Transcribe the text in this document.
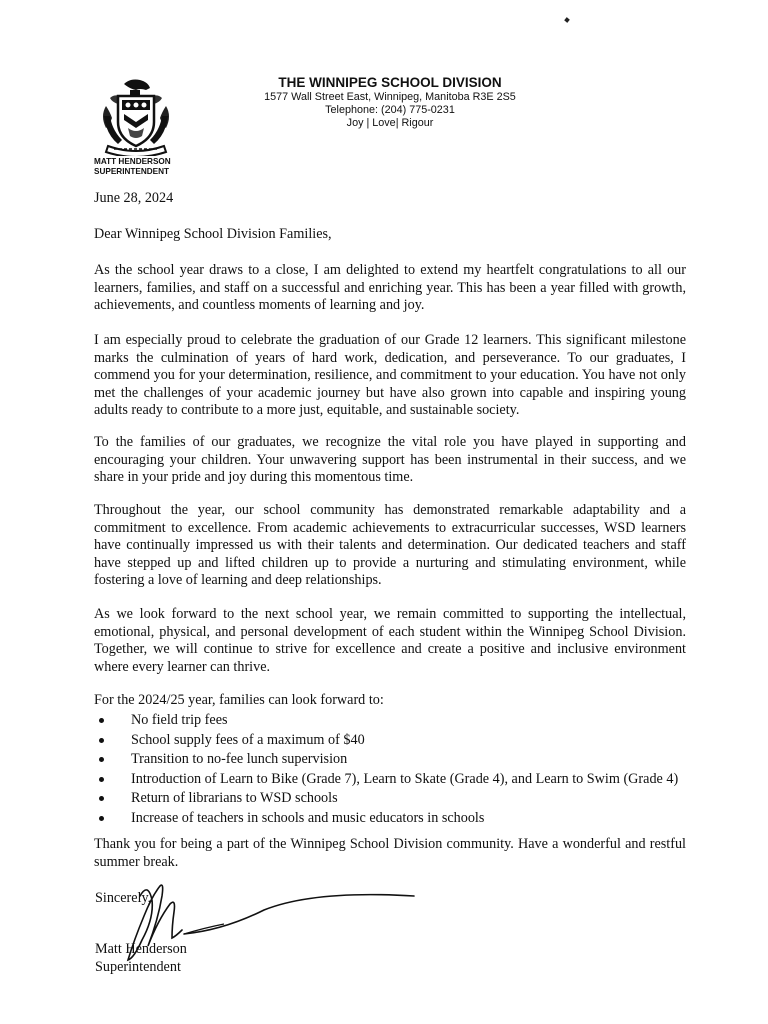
THE WINNIPEG SCHOOL DIVISION
1577 Wall Street East, Winnipeg, Manitoba R3E 2S5
Telephone: (204) 775-0231
Joy | Love| Rigour
MATT HENDERSON
SUPERINTENDENT
June 28, 2024
Dear Winnipeg School Division Families,

As the school year draws to a close, I am delighted to extend my heartfelt congratulations to all our learners, families, and staff on a successful and enriching year. This has been a year filled with growth, achievements, and countless moments of learning and joy.

I am especially proud to celebrate the graduation of our Grade 12 learners. This significant milestone marks the culmination of years of hard work, dedication, and perseverance. To our graduates, I commend you for your determination, resilience, and commitment to your education. You have not only met the challenges of your academic journey but have also grown into capable and inspiring young adults ready to contribute to a more just, equitable, and sustainable society.

To the families of our graduates, we recognize the vital role you have played in supporting and encouraging your children. Your unwavering support has been instrumental in their success, and we share in your pride and joy during this momentous time.

Throughout the year, our school community has demonstrated remarkable adaptability and a commitment to excellence. From academic achievements to extracurricular successes, WSD learners have continually impressed us with their talents and determination. Our dedicated teachers and staff have stepped up and lifted children up to provide a nurturing and stimulating environment, while fostering a love of learning and deep relationships.

As we look forward to the next school year, we remain committed to supporting the intellectual, emotional, physical, and personal development of each student within the Winnipeg School Division. Together, we will continue to strive for excellence and create a positive and inclusive environment where every learner can thrive.

For the 2024/25 year, families can look forward to:
No field trip fees
School supply fees of a maximum of $40
Transition to no-fee lunch supervision
Introduction of Learn to Bike (Grade 7), Learn to Skate (Grade 4), and Learn to Swim (Grade 4)
Return of librarians to WSD schools
Increase of teachers in schools and music educators in schools

Thank you for being a part of the Winnipeg School Division community. Have a wonderful and restful summer break.

Sincerely,
Matt Henderson
Superintendent
